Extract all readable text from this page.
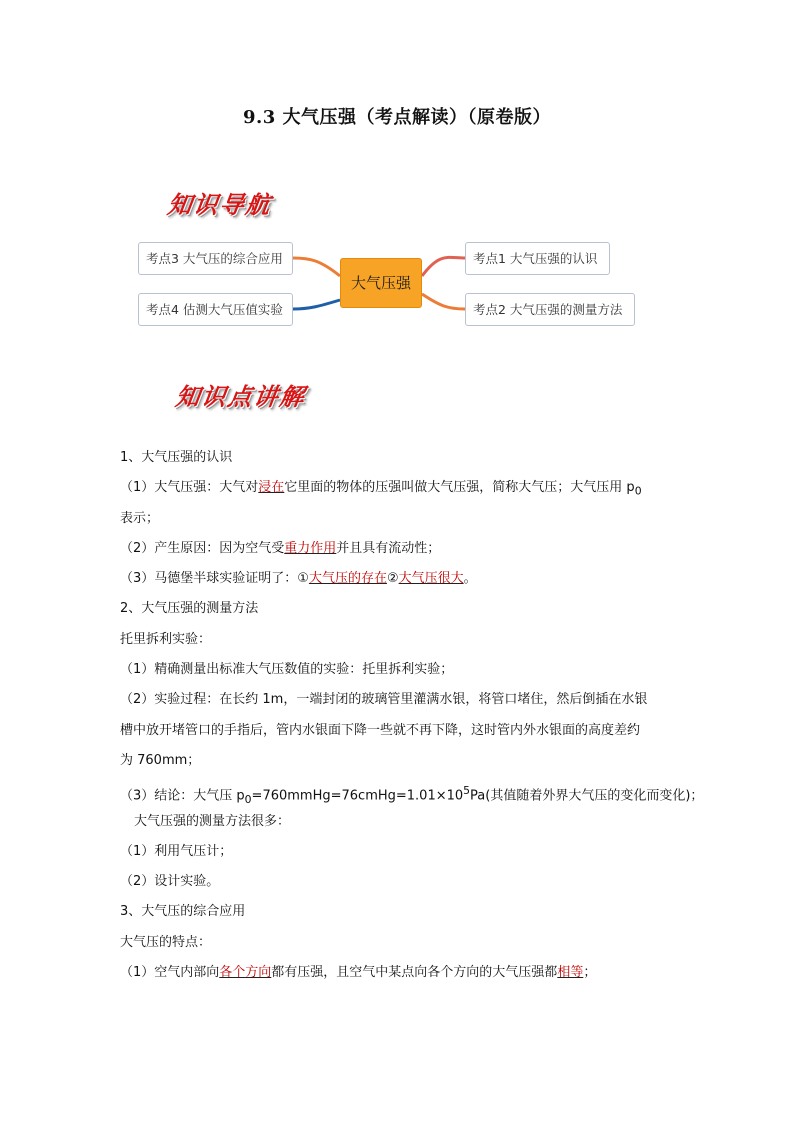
9.3 大气压强（考点解读）（原卷版）
知识导航
大气压强
考点1 大气压强的认识
考点2 大气压强的测量方法
考点3 大气压的综合应用
考点4 估测大气压值实验
知识点讲解
1、大气压强的认识
（1）大气压强：大气对浸在它里面的物体的压强叫做大气压强，简称大气压；大气压用 $p_0$
表示；
（2）产生原因：因为空气受重力作用并且具有流动性；
（3）马德堡半球实验证明了：①大气压的存在②大气压很大。
2、大气压强的测量方法
托里拆利实验：
（1）精确测量出标准大气压数值的实验：托里拆利实验；
（2）实验过程：在长约 1m，一端封闭的玻璃管里灌满水银，将管口堵住，然后倒插在水银
槽中放开堵管口的手指后，管内水银面下降一些就不再下降，这时管内外水银面的高度差约
为 760mm；
（3）结论：大气压 $p_0=760mmHg=76cmHg=1.01\times 10^5Pa$(其值随着外界大气压的变化而变化)；
大气压强的测量方法很多：
（1）利用气压计；
（2）设计实验。
3、大气压的综合应用
大气压的特点：
（1）空气内部向各个方向都有压强，且空气中某点向各个方向的大气压强都相等；
